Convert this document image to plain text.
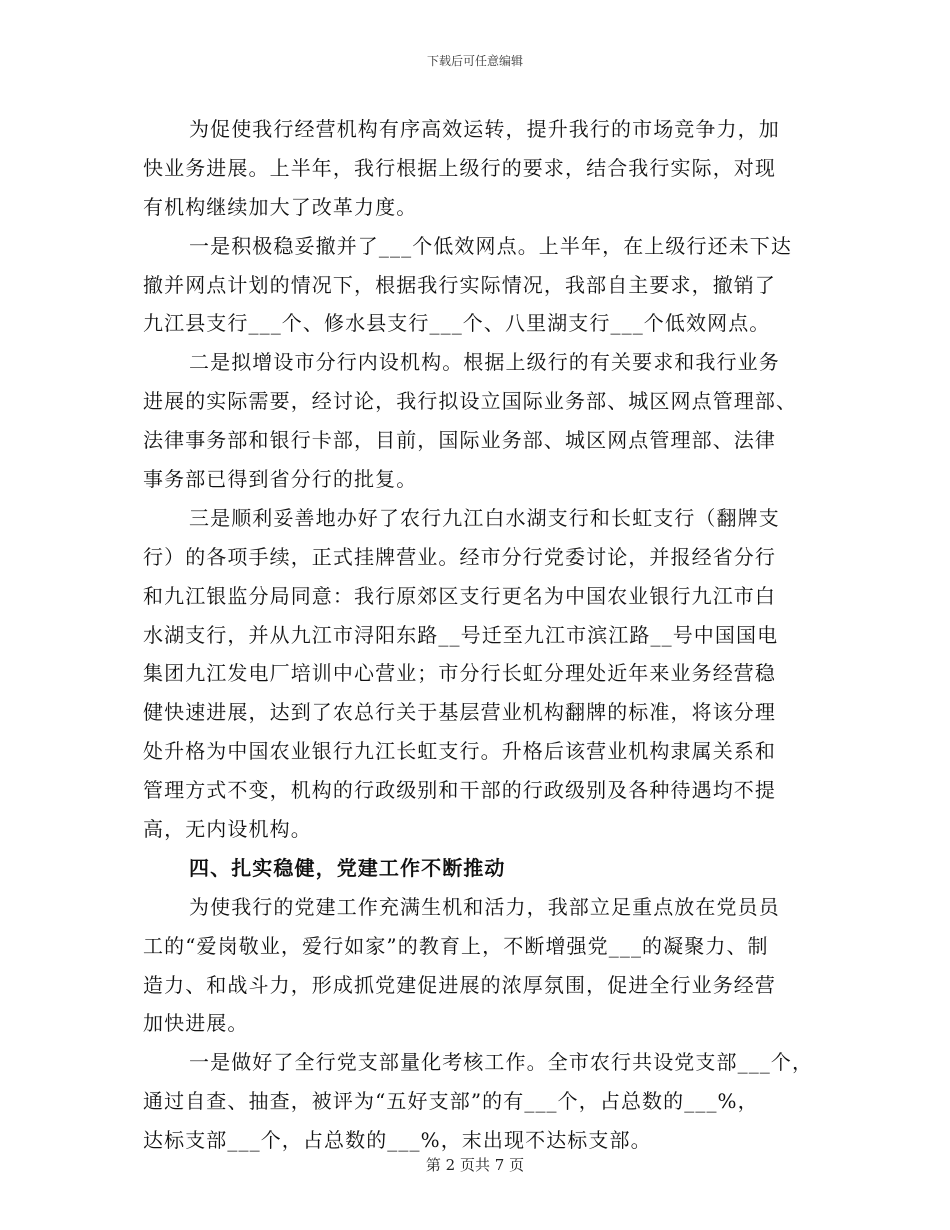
下载后可任意编辑
为促使我行经营机构有序高效运转，提升我行的市场竞争力，加
快业务进展。上半年，我行根据上级行的要求，结合我行实际，对现
有机构继续加大了改革力度。
一是积极稳妥撤并了___个低效网点。上半年，在上级行还未下达
撤并网点计划的情况下，根据我行实际情况，我部自主要求，撤销了
九江县支行___个、修水县支行___个、八里湖支行___个低效网点。
二是拟增设市分行内设机构。根据上级行的有关要求和我行业务
进展的实际需要，经讨论，我行拟设立国际业务部、城区网点管理部、
法律事务部和银行卡部，目前，国际业务部、城区网点管理部、法律
事务部已得到省分行的批复。
三是顺利妥善地办好了农行九江白水湖支行和长虹支行（翻牌支
行）的各项手续，正式挂牌营业。经市分行党委讨论，并报经省分行
和九江银监分局同意：我行原郊区支行更名为中国农业银行九江市白
水湖支行，并从九江市浔阳东路__号迁至九江市滨江路__号中国国电
集团九江发电厂培训中心营业；市分行长虹分理处近年来业务经营稳
健快速进展，达到了农总行关于基层营业机构翻牌的标准，将该分理
处升格为中国农业银行九江长虹支行。升格后该营业机构隶属关系和
管理方式不变，机构的行政级别和干部的行政级别及各种待遇均不提
高，无内设机构。
四、扎实稳健，党建工作不断推动
为使我行的党建工作充满生机和活力，我部立足重点放在党员员
工的“爱岗敬业，爱行如家”的教育上，不断增强党___的凝聚力、制
造力、和战斗力，形成抓党建促进展的浓厚氛围，促进全行业务经营
加快进展。
一是做好了全行党支部量化考核工作。全市农行共设党支部___个，
通过自查、抽查，被评为“五好支部”的有___个，占总数的___%，
达标支部___个，占总数的___%，末出现不达标支部。
第 2 页共 7 页
